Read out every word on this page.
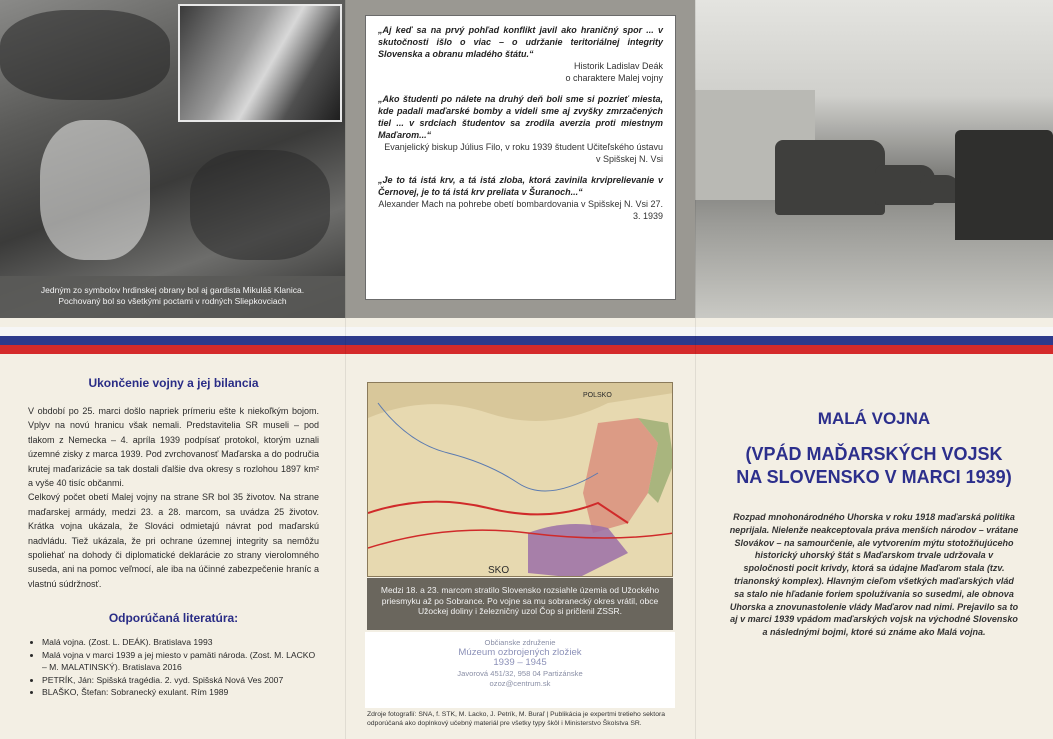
Jedným zo symbolov hrdinskej obrany bol aj gardista Mikuláš Klanica.
Pochovaný bol so všetkými poctami v rodných Sliepkovciach
„Aj keď sa na prvý pohľad konflikt javil ako hraničný spor ... v skutočnosti išlo o viac – o udržanie teritoriálnej integrity Slovenska a obranu mladého štátu.“
Historik Ladislav Deák
o charaktere Malej vojny
„Ako študenti po nálete na druhý deň boli sme si pozrieť miesta, kde padali maďarské bomby a videli sme aj zvyšky zmrzačených tiel ... v srdciach študentov sa zrodila averzia proti miestnym Maďarom...“
Evanjelický biskup Július Filo, v roku 1939 študent Učiteľského ústavu v Spišskej N. Vsi
„Je to tá istá krv, a tá istá zloba, ktorá zavinila krviprelievanie v Černovej, je to tá istá krv preliata v Šuranoch...“
Alexander Mach na pohrebe obetí bombardovania v Spišskej N. Vsi 27. 3. 1939
Ukončenie vojny a jej bilancia

V období po 25. marci došlo napriek prímeriu ešte k niekoľkým bojom. Vplyv na novú hranicu však nemali. Predstavitelia SR museli – pod tlakom z Nemecka – 4. apríla 1939 podpísať protokol, ktorým uznali územné zisky z marca 1939. Pod zvrchovanosť Maďarska a do područia krutej maďarizácie sa tak dostali ďalšie dva okresy s rozlohou 1897 km² a vyše 40 tisíc občanmi.

Celkový počet obetí Malej vojny na strane SR bol 35 životov. Na strane maďarskej armády, medzi 23. a 28. marcom, sa uvádza 25 životov. Krátka vojna ukázala, že Slováci odmietajú návrat pod maďarskú nadvládu. Tiež ukázala, že pri ochrane územnej integrity sa nemôžu spoliehať na dohody či diplomatické deklarácie zo strany vierolomného suseda, ani na pomoc veľmocí, ale iba na účinné zabezpečenie hraníc a vlastnú súdržnosť.

Odporúčaná literatúra:
• Malá vojna. (Zost. L. DEÁK). Bratislava 1993
• Malá vojna v marci 1939 a jej miesto v pamäti národa. (Zost. M. LACKO – M. MALATINSKÝ). Bratislava 2016
• PETRÍK, Ján: Spišská tragédia. 2. vyd. Spišská Nová Ves 2007
• BLAŠKO, Štefan: Sobranecký exulant. Rím 1989
SKO
POLSKO
Medzi 18. a 23. marcom stratilo Slovensko rozsiahle územia od Užockého priesmyku až po Sobrance. Po vojne sa mu sobranecký okres vrátil, obce Užockej doliny i železničný uzol Čop si pričlenil ZSSR.
Občianske združenie
Múzeum ozbrojených zložiek
1939 – 1945
Javorová 451/32, 958 04 Partizánske
ozoz@centrum.sk
Zdroje fotografií: SNA, f. STK, M. Lacko, J. Petrík, M. Buraľ | Publikácia je expertmi tretieho sektora odporúčaná ako doplnkový učebný materiál pre všetky typy škôl i Ministerstvo Školstva SR.
MALÁ VOJNA
(VPÁD MAĎARSKÝCH VOJSK
NA SLOVENSKO V MARCI 1939)

Rozpad mnohonárodného Uhorska v roku 1918 maďarská politika neprijala. Nielenže neakceptovala práva menších národov – vrátane Slovákov – na samourčenie, ale vytvorením mýtu stotožňujúceho historický uhorský štát s Maďarskom trvale udržovala v spoločnosti pocit krivdy, ktorá sa údajne Maďarom stala (tzv. trianonský komplex). Hlavným cieľom všetkých maďarských vlád sa stalo nie hľadanie foriem spolužívania so susedmi, ale obnova Uhorska a znovunastolenie vlády Maďarov nad nimi. Prejavilo sa to aj v marci 1939 vpádom maďarských vojsk na východné Slovensko a následnými bojmi, ktoré sú známe ako Malá vojna.
